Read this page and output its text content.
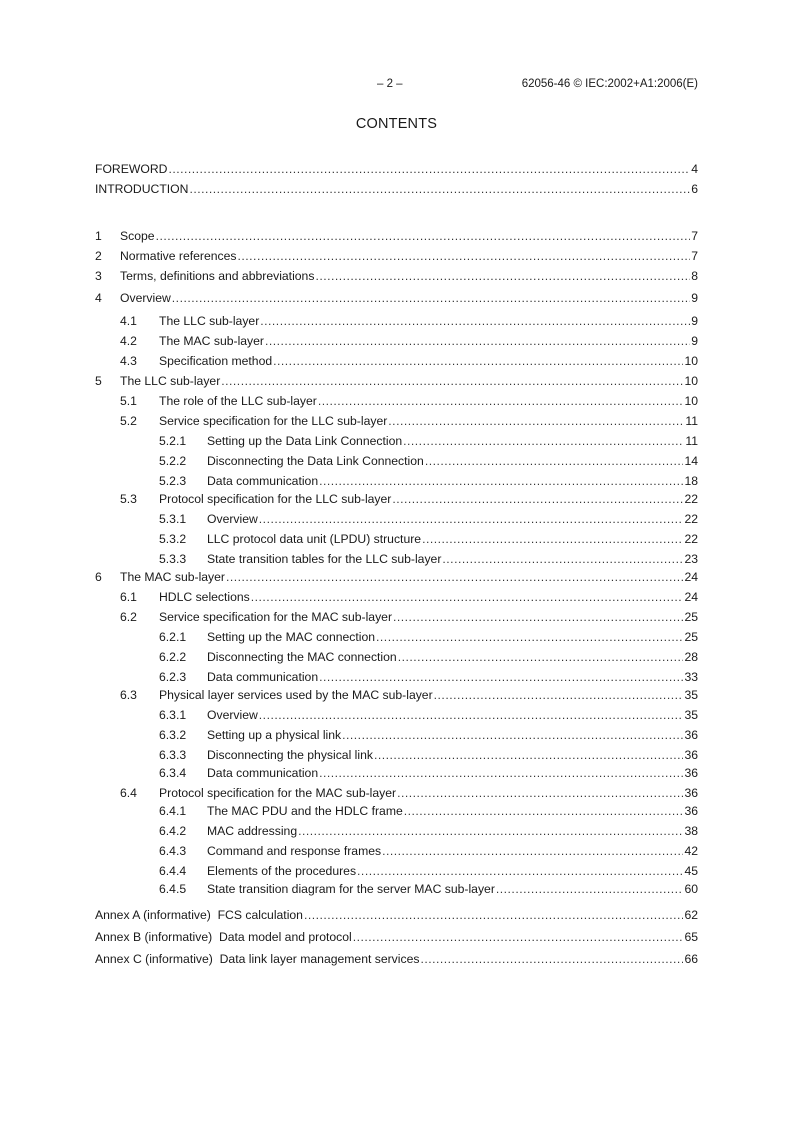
– 2 –	62056-46 © IEC:2002+A1:2006(E)
CONTENTS
FOREWORD .....	4
INTRODUCTION .....	6
1	Scope .....	7
2	Normative references .....	7
3	Terms, definitions and abbreviations .....	8
4	Overview .....	9
4.1	The LLC sub-layer .....	9
4.2	The MAC sub-layer .....	9
4.3	Specification method .....	10
5	The LLC sub-layer .....	10
5.1	The role of the LLC sub-layer .....	10
5.2	Service specification for the LLC sub-layer .....	11
5.2.1	Setting up the Data Link Connection .....	11
5.2.2	Disconnecting the Data Link Connection .....	14
5.2.3	Data communication .....	18
5.3	Protocol specification for the LLC sub-layer .....	22
5.3.1	Overview .....	22
5.3.2	LLC protocol data unit (LPDU) structure .....	22
5.3.3	State transition tables for the LLC sub-layer .....	23
6	The MAC sub-layer .....	24
6.1	HDLC selections .....	24
6.2	Service specification for the MAC sub-layer .....	25
6.2.1	Setting up the MAC connection .....	25
6.2.2	Disconnecting the MAC connection .....	28
6.2.3	Data communication .....	33
6.3	Physical layer services used by the MAC sub-layer .....	35
6.3.1	Overview .....	35
6.3.2	Setting up a physical link .....	36
6.3.3	Disconnecting the physical link .....	36
6.3.4	Data communication .....	36
6.4	Protocol specification for the MAC sub-layer .....	36
6.4.1	The MAC PDU and the HDLC frame .....	36
6.4.2	MAC addressing .....	38
6.4.3	Command and response frames .....	42
6.4.4	Elements of the procedures .....	45
6.4.5	State transition diagram for the server MAC sub-layer .....	60
Annex A (informative)  FCS calculation .....	62
Annex B (informative)  Data model and protocol .....	65
Annex C (informative)  Data link layer management services .....	66
